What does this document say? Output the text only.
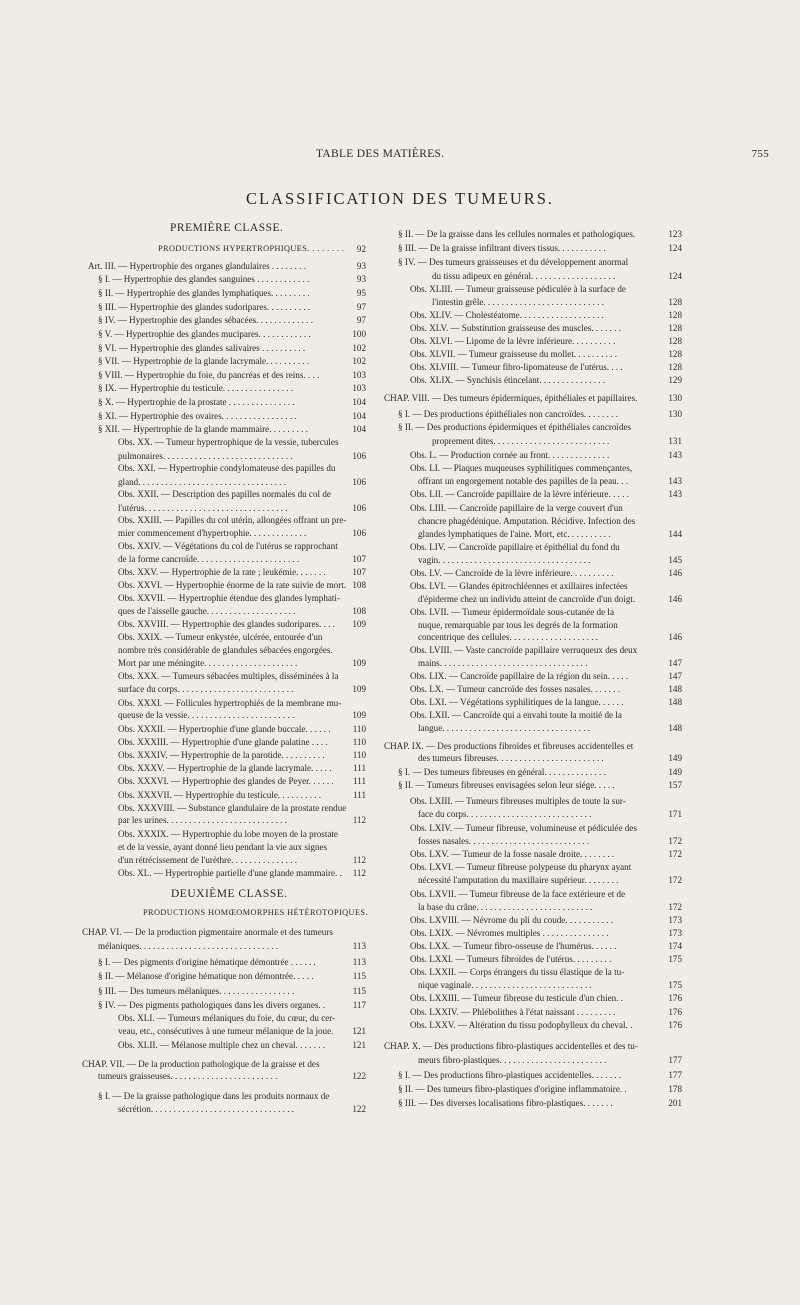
TABLE DES MATIÈRES.	755
CLASSIFICATION DES TUMEURS.
PREMIÈRE CLASSE.
PRODUCTIONS HYPERTROPHIQUES. . . . . . . .	92
Art. III. — Hypertrophie des organes glandulaires . . . . . . . .	93
§ I. — Hypertrophie des glandes sanguines . . . . . . . . . . . .	93
§ II. — Hypertrophie des glandes lymphatiques. . . . . . . . .	95
§ III. — Hypertrophie des glandes sudoripares. . . . . . . . . .	97
§ IV. — Hypertrophie des glandes sébacées. . . . . . . . . . . . .	97
§ V. — Hypertrophie des glandes mucipares. . . . . . . . . . . .	100
§ VI. — Hypertrophie des glandes salivaires . . . . . . . . . .	102
§ VII. — Hypertrophie de la glande lacrymale. . . . . . . . . .	102
§ VIII. — Hypertrophie du foie, du pancréas et des reins. . . .	103
§ IX. — Hypertrophie du testicule. . . . . . . . . . . . . . . .	103
§ X. — Hypertrophie de la prostate . . . . . . . . . . . . . . .	104
§ XI. — Hypertrophie des ovaires. . . . . . . . . . . . . . . . .	104
§ XII. — Hypertrophie de la glande mammaire. . . . . . . . .	104
Obs. XX. — Tumeur hypertrophique de la vessie, tubercules
pulmonaires. . . . . . . . . . . . . . . . . . . . . . . . . . . . .	106
Obs. XXI. — Hypertrophie condylomateuse des papilles du
gland. . . . . . . . . . . . . . . . . . . . . . . . . . . . . . . . .	106
Obs. XXII. — Description des papilles normales du col de
l'utérus. . . . . . . . . . . . . . . . . . . . . . . . . . . . . . . .	106
Obs. XXIII. — Papilles du col utérin, allongées offrant un pre-
mier commencement d'hypertrophie. . . . . . . . . . . . .	106
Obs. XXIV. — Végétations du col de l'utérus se rapprochant
de la forme cancroïde. . . . . . . . . . . . . . . . . . . . . . .	107
Obs. XXV. — Hypertrophie de la rate ; leukémie. . . . . . .	107
Obs. XXVI. — Hypertrophie énorme de la rate suivie de mort. 108
Obs. XXVII. — Hypertrophie étendue des glandes lymphati-
ques de l'aisselle gauche. . . . . . . . . . . . . . . . . . . .	108
Obs. XXVIII. — Hypertrophie des glandes sudoripares. . . .	109
Obs. XXIX. — Tumeur enkystée, ulcérée, entourée d'un
nombre très considérable de glandules sébacées engorgées.
Mort par une méningite. . . . . . . . . . . . . . . . . . . . .	109
Obs. XXX. — Tumeurs sébacées multiples, disséminées à la
surface du corps. . . . . . . . . . . . . . . . . . . . . . . . . .	109
Obs. XXXI. — Follicules hypertrophiés de la membrane mu-
queuse de la vessie. . . . . . . . . . . . . . . . . . . . . . . .	109
Obs. XXXII. — Hypertrophie d'une glande buccale. . . . . .	110
Obs. XXXIII. — Hypertrophie d'une glande palatine . . . .	110
Obs. XXXIV. — Hypertrophie de la parotide. . . . . . . . . .	110
Obs. XXXV. — Hypertrophie de la glande lacrymale. . . . .	111
Obs. XXXVI. — Hypertrophie des glandes de Peyer. . . . . .	111
Obs. XXXVII. — Hypertrophie du testicule. . . . . . . . . .	111
Obs. XXXVIII. — Substance glandulaire de la prostate rendue
par les urines. . . . . . . . . . . . . . . . . . . . . . . . . . .	112
Obs. XXXIX. — Hypertrophie du lobe moyen de la prostate
et de la vessie, ayant donné lieu pendant la vie aux signes
d'un rétrécissement de l'urèthre. . . . . . . . . . . . . . .	112
Obs. XL. — Hypertrophie partielle d'une glande mammaire. .	112
DEUXIÈME CLASSE.
PRODUCTIONS HOMŒOMORPHES HÉTÉROTOPIQUES.
CHAP. VI. — De la production pigmentaire anormale et des tumeurs
mélaniques. . . . . . . . . . . . . . . . . . . . . . . . . . . . . . .	113
§ I. — Des pigments d'origine hématique démontrée . . . . . .	113
§ II. — Mélanose d'origine hématique non démontrée. . . . .	115
§ III. — Des tumeurs mélaniques. . . . . . . . . . . . . . . . .	115
§ IV. — Des pigments pathologiques dans les divers organes. .	117
Obs. XLI. — Tumeurs mélaniques du foie, du cœur, du cer-
veau, etc., consécutives à une tumeur mélanique de la joue.	121
Obs. XLII. — Mélanose multiple chez un cheval. . . . . . .	121
CHAP. VII. — De la production pathologique de la graisse et des
tumeurs graisseuses. . . . . . . . . . . . . . . . . . . . . . . .	122
§ I. — De la graisse pathologique dans les produits normaux de
sécrétion. . . . . . . . . . . . . . . . . . . . . . . . . . . . . . . .	122
§ II. — De la graisse dans les cellules normales et pathologiques.	123
§ III. — De la graisse infiltrant divers tissus. . . . . . . . . . .	124
§ IV. — Des tumeurs graisseuses et du développement anormal
du tissu adipeux en général. . . . . . . . . . . . . . . . . . .	124
Obs. XLIII. — Tumeur graisseuse pédiculée à la surface de
l'intestin grêle. . . . . . . . . . . . . . . . . . . . . . . . . . .	128
Obs. XLIV. — Cholestéatome. . . . . . . . . . . . . . . . . . .	128
Obs. XLV. — Substitution graisseuse des muscles. . . . . . .	128
Obs. XLVI. — Lipome de la lèvre inférieure. . . . . . . . . .	128
Obs. XLVII. — Tumeur graisseuse du mollet. . . . . . . . . .	128
Obs. XLVIII. — Tumeur fibro-lipomateuse de l'utérus. . . .	128
Obs. XLIX. — Synchisis étincelant. . . . . . . . . . . . . . .	129
CHAP. VIII. — Des tumeurs épidermiques, épithéliales et papillaires.	130
§ I. — Des productions épithéliales non cancroïdes. . . . . . . .	130
§ II. — Des productions épidermiques et épithéliales cancroïdes
proprement dites. . . . . . . . . . . . . . . . . . . . . . . . . .	131
Obs. L. — Production cornée au front. . . . . . . . . . . . . .	143
Obs. LI. — Plaques muqueuses syphilitiques commençantes,
offrant un engorgement notable des papilles de la peau. . .	143
Obs. LII. — Cancroïde papillaire de la lèvre inférieure. . . . .	143
Obs. LIII. — Cancroïde papillaire de la verge couvert d'un
chancre phagédénique. Amputation. Récidive. Infection des
glandes lymphatiques de l'aine. Mort, etc. . . . . . . . . .	144
Obs. LIV. — Cancroïde papillaire et épithélial du fond du
vagin. . . . . . . . . . . . . . . . . . . . . . . . . . . . . . . . . .	145
Obs. LV. — Cancroïde de la lèvre inférieure. . . . . . . . . .	146
Obs. LVI. — Glandes épitrochléennes et axillaires infectées
d'épiderme chez un individu atteint de cancroïde d'un doigt.	146
Obs. LVII. — Tumeur épidermoïdale sous-cutanée de la
nuque, remarquable par tous les degrés de la formation
concentrique des cellules. . . . . . . . . . . . . . . . . . . .	146
Obs. LVIII. — Vaste cancroïde papillaire verruqueux des deux
mains. . . . . . . . . . . . . . . . . . . . . . . . . . . . . . . . .	147
Obs. LIX. — Cancroïde papillaire de la région du sein. . . . .	147
Obs. LX. — Tumeur cancroïde des fosses nasales. . . . . . .	148
Obs. LXI. — Végétations syphilitiques de la langue. . . . . .	148
Obs. LXII. — Cancroïde qui a envahi toute la moitié de la
langue. . . . . . . . . . . . . . . . . . . . . . . . . . . . . . . . .	148
CHAP. IX. — Des productions fibroïdes et fibreuses accidentelles et
des tumeurs fibreuses. . . . . . . . . . . . . . . . . . . . . . . .	149
§ I. — Des tumeurs fibreuses en général. . . . . . . . . . . . . .	149
§ II. — Tumeurs fibreuses envisagées selon leur siége. . . . .	157
Obs. LXIII. — Tumeurs fibreuses multiples de toute la sur-
face du corps. . . . . . . . . . . . . . . . . . . . . . . . . . . .	171
Obs. LXIV. — Tumeur fibreuse, volumineuse et pédiculée des
fosses nasales. . . . . . . . . . . . . . . . . . . . . . . . . . .	172
Obs. LXV. — Tumeur de la fosse nasale droite. . . . . . . .	172
Obs. LXVI. — Tumeur fibreuse polypeuse du pharynx ayant
nécessité l'amputation du maxillaire supérieur. . . . . . . .	172
Obs. LXVII. — Tumeur fibreuse de la face extérieure et de
la base du crâne. . . . . . . . . . . . . . . . . . . . . . . . . .	172
Obs. LXVIII. — Névrome du pli du coude. . . . . . . . . . .	173
Obs. LXIX. — Névromes multiples . . . . . . . . . . . . . . .	173
Obs. LXX. — Tumeur fibro-osseuse de l'humérus. . . . . .	174
Obs. LXXI. — Tumeurs fibroïdes de l'utérus. . . . . . . . .	175
Obs. LXXII. — Corps étrangers du tissu élastique de la tu-
nique vaginale. . . . . . . . . . . . . . . . . . . . . . . . . . .	175
Obs. LXXIII. — Tumeur fibreuse du testicule d'un chien. .	176
Obs. LXXIV. — Phlébolithes à l'état naissant . . . . . . . . .	176
Obs. LXXV. — Altération du tissu podophylleux du cheval. .	176
CHAP. X. — Des productions fibro-plastiques accidentelles et des tu-
meurs fibro-plastiques. . . . . . . . . . . . . . . . . . . . . . . .	177
§ I. — Des productions fibro-plastiques accidentelles. . . . . . .	177
§ II. — Des tumeurs fibro-plastiques d'origine inflammatoire. .	178
§ III. — Des diverses localisations fibro-plastiques. . . . . . .	201
